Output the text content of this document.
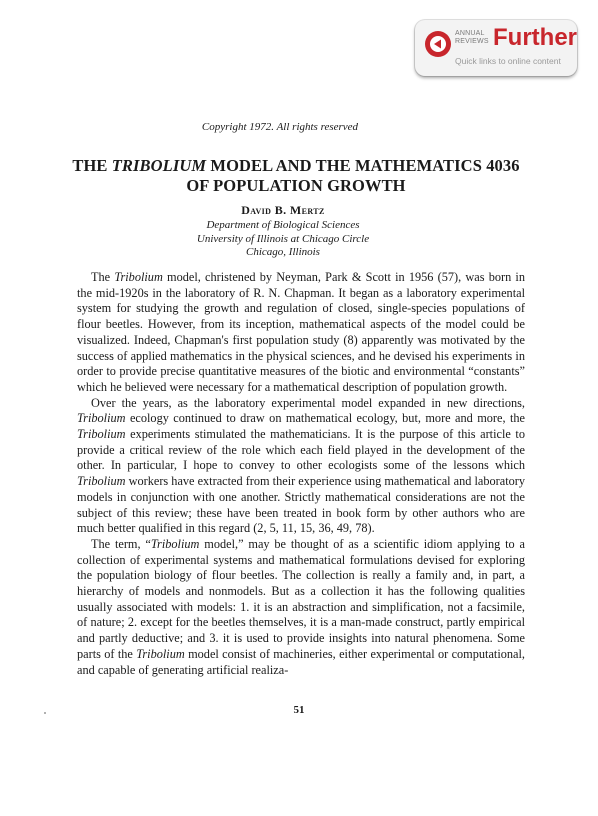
ANNUAL
REVIEWS Further
Quick links to online content
Copyright 1972. All rights reserved
THE TRIBOLIUM MODEL AND THE MATHEMATICS 4036
OF POPULATION GROWTH
David B. Mertz
Department of Biological Sciences
University of Illinois at Chicago Circle
Chicago, Illinois

The Tribolium model, christened by Neyman, Park & Scott in 1956 (57), was born in the mid-1920s in the laboratory of R. N. Chapman. It began as a laboratory experimental system for studying the growth and regulation of closed, single-species populations of flour beetles. However, from its inception, mathematical aspects of the model could be visualized. Indeed, Chapman's first population study (8) apparently was motivated by the success of applied mathematics in the physical sciences, and he devised his experiments in order to provide precise quantitative measures of the biotic and environmental “constants” which he believed were necessary for a mathematical description of population growth.

Over the years, as the laboratory experimental model expanded in new directions, Tribolium ecology continued to draw on mathematical ecology, but, more and more, the Tribolium experiments stimulated the mathematicians. It is the purpose of this article to provide a critical review of the role which each field played in the development of the other. In particular, I hope to convey to other ecologists some of the lessons which Tribolium workers have extracted from their experience using mathematical and laboratory models in conjunction with one another. Strictly mathematical considerations are not the subject of this review; these have been treated in book form by other authors who are much better qualified in this regard (2, 5, 11, 15, 36, 49, 78).

The term, “Tribolium model,” may be thought of as a scientific idiom applying to a collection of experimental systems and mathematical formulations devised for exploring the population biology of flour beetles. The collection is really a family and, in part, a hierarchy of models and nonmodels. But as a collection it has the following qualities usually associated with models: 1. it is an abstraction and simplification, not a facsimile, of nature; 2. except for the beetles themselves, it is a man-made construct, partly empirical and partly deductive; and 3. it is used to provide insights into natural phenomena. Some parts of the Tribolium model consist of machineries, either experimental or computational, and capable of generating artificial realiza-

51
